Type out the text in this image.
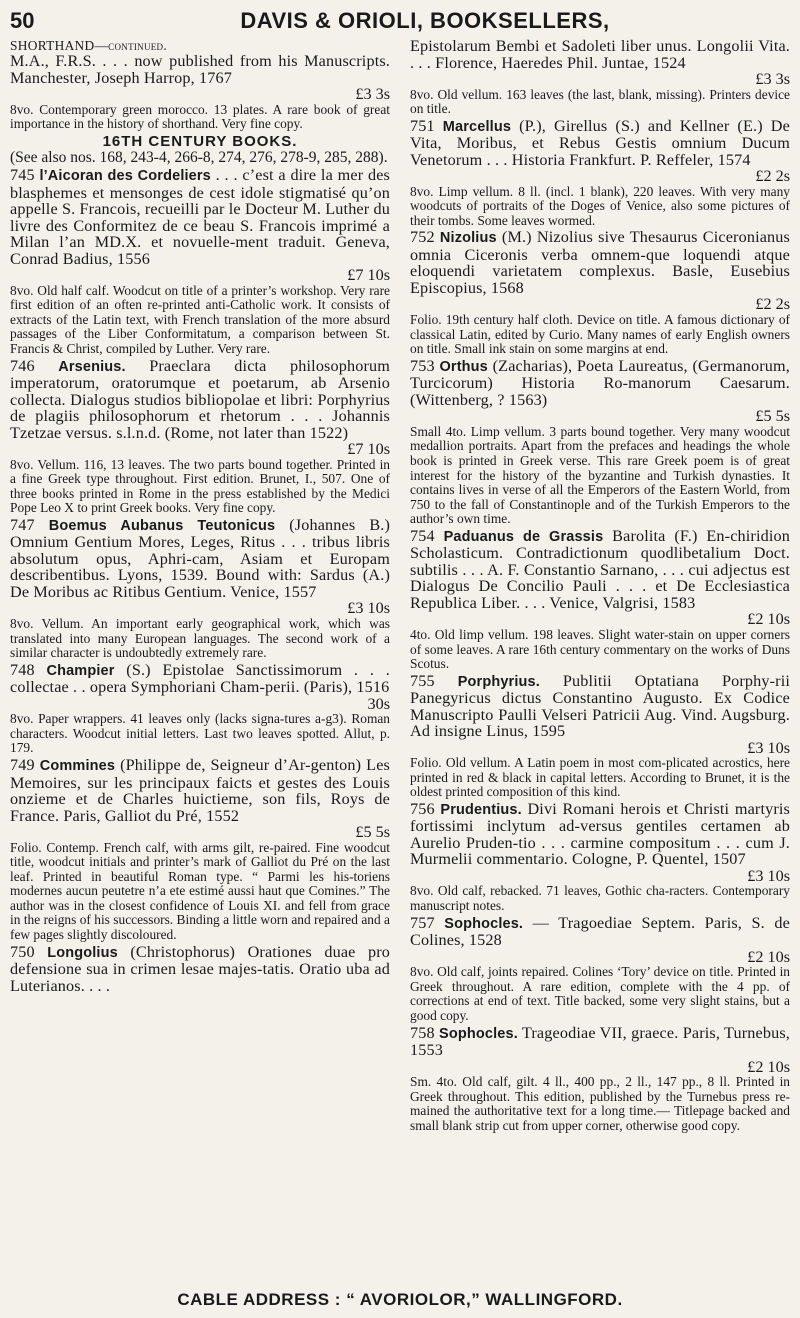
50	DAVIS & ORIOLI, BOOKSELLERS,

SHORTHAND—continued.

M.A., F.R.S. . . . now published from his Manuscripts. Manchester, Joseph Harrop, 1767
£3 3s
8vo. Contemporary green morocco. 13 plates. A rare book of great importance in the history of shorthand. Very fine copy.
16TH CENTURY BOOKS.
(See also nos. 168, 243-4, 266-8, 274, 276, 278-9, 285, 288).
745 l’Aicoran des Cordeliers . . . c’est a dire la mer des blasphemes et mensonges de cest idole stigmatisé qu’on appelle S. Francois, recueilli par le Docteur M. Luther du livre des Conformitez de ce beau S. Francois imprimé a Milan l’an MD.X. et novuelle-ment traduit. Geneva, Conrad Badius, 1556
£7 10s
8vo. Old half calf. Woodcut on title of a printer’s workshop. Very rare first edition of an often re-printed anti-Catholic work. It consists of extracts of the Latin text, with French translation of the more absurd passages of the Liber Conformitatum, a comparison between St. Francis & Christ, compiled by Luther. Very rare.
746 Arsenius. Praeclara dicta philosophorum imperatorum, oratorumque et poetarum, ab Arsenio collecta. Dialogus studios bibliopolae et libri: Porphyrius de plagiis philosophorum et rhetorum . . . Johannis Tzetzae versus. s.l.n.d. (Rome, not later than 1522)
£7 10s
8vo. Vellum. 116, 13 leaves. The two parts bound together. Printed in a fine Greek type throughout. First edition. Brunet, I., 507. One of three books printed in Rome in the press established by the Medici Pope Leo X to print Greek books. Very fine copy.
747 Boemus Aubanus Teutonicus (Johannes B.) Omnium Gentium Mores, Leges, Ritus . . . tribus libris absolutum opus, Aphri-cam, Asiam et Europam describentibus. Lyons, 1539. Bound with: Sardus (A.) De Moribus ac Ritibus Gentium. Venice, 1557
£3 10s
8vo. Vellum. An important early geographical work, which was translated into many European languages. The second work of a similar character is undoubtedly extremely rare.
748 Champier (S.) Epistolae Sanctissimorum . . . collectae . . opera Symphoriani Cham-perii. (Paris), 1516
30s
8vo. Paper wrappers. 41 leaves only (lacks signa-tures a-g3). Roman characters. Woodcut initial letters. Last two leaves spotted. Allut, p. 179.
749 Commines (Philippe de, Seigneur d’Ar-genton) Les Memoires, sur les principaux faicts et gestes des Louis onzieme et de Charles huictieme, son fils, Roys de France. Paris, Galliot du Pré, 1552
£5 5s
Folio. Contemp. French calf, with arms gilt, re-paired. Fine woodcut title, woodcut initials and printer’s mark of Galliot du Pré on the last leaf. Printed in beautiful Roman type. “ Parmi les his-toriens modernes aucun peutetre n’a ete estimé aussi haut que Comines.” The author was in the closest confidence of Louis XI. and fell from grace in the reigns of his successors. Binding a little worn and repaired and a few pages slightly discoloured.
750 Longolius (Christophorus) Orationes duae pro defensione sua in crimen lesae majes-tatis. Oratio uba ad Luterianos. . . .
Epistolarum Bembi et Sadoleti liber unus. Longolii Vita. . . . Florence, Haeredes Phil. Juntae, 1524
£3 3s
8vo. Old vellum. 163 leaves (the last, blank, missing). Printers device on title.
751 Marcellus (P.), Girellus (S.) and Kellner (E.) De Vita, Moribus, et Rebus Gestis omnium Ducum Venetorum . . . Historia Frankfurt. P. Reffeler, 1574
£2 2s
8vo. Limp vellum. 8 ll. (incl. 1 blank), 220 leaves. With very many woodcuts of portraits of the Doges of Venice, also some pictures of their tombs. Some leaves wormed.
752 Nizolius (M.) Nizolius sive Thesaurus Ciceronianus omnia Ciceronis verba omnem-que loquendi atque eloquendi varietatem complexus. Basle, Eusebius Episcopius, 1568
£2 2s
Folio. 19th century half cloth. Device on title. A famous dictionary of classical Latin, edited by Curio. Many names of early English owners on title. Small ink stain on some margins at end.
753 Orthus (Zacharias), Poeta Laureatus, (Germanorum, Turcicorum) Historia Ro-manorum Caesarum. (Wittenberg, ? 1563)
£5 5s
Small 4to. Limp vellum. 3 parts bound together. Very many woodcut medallion portraits. Apart from the prefaces and headings the whole book is printed in Greek verse. This rare Greek poem is of great interest for the history of the byzantine and Turkish dynasties. It contains lives in verse of all the Emperors of the Eastern World, from 750 to the fall of Constantinople and of the Turkish Emperors to the author’s own time.
754 Paduanus de Grassis Barolita (F.) En-chiridion Scholasticum. Contradictionum quodlibetalium Doct. subtilis . . . A. F. Constantio Sarnano, . . . cui adjectus est Dialogus De Concilio Pauli . . . et De Ecclesiastica Republica Liber. . . . Venice, Valgrisi, 1583
£2 10s
4to. Old limp vellum. 198 leaves. Slight water-stain on upper corners of some leaves. A rare 16th century commentary on the works of Duns Scotus.
755 Porphyrius. Publitii Optatiana Porphy-rii Panegyricus dictus Constantino Augusto. Ex Codice Manuscripto Paulli Velseri Patricii Aug. Vind. Augsburg. Ad insigne Linus, 1595
£3 10s
Folio. Old vellum. A Latin poem in most com-plicated acrostics, here printed in red & black in capital letters. According to Brunet, it is the oldest printed composition of this kind.
756 Prudentius. Divi Romani herois et Christi martyris fortissimi inclytum ad-versus gentiles certamen ab Aurelio Pruden-tio . . . carmine compositum . . . cum J. Murmelii commentario. Cologne, P. Quentel, 1507
£3 10s
8vo. Old calf, rebacked. 71 leaves, Gothic cha-racters. Contemporary manuscript notes.
757 Sophocles. — Tragoediae Septem. Paris, S. de Colines, 1528
£2 10s
8vo. Old calf, joints repaired. Colines ‘Tory’ device on title. Printed in Greek throughout. A rare edition, complete with the 4 pp. of corrections at end of text. Title backed, some very slight stains, but a good copy.
758 Sophocles. Trageodiae VII, graece. Paris, Turnebus, 1553
£2 10s
Sm. 4to. Old calf, gilt. 4 ll., 400 pp., 2 ll., 147 pp., 8 ll. Printed in Greek throughout. This edition, published by the Turnebus press re-mained the authoritative text for a long time.— Titlepage backed and small blank strip cut from upper corner, otherwise good copy.
CABLE ADDRESS : “ AVORIOLOR,” WALLINGFORD.
